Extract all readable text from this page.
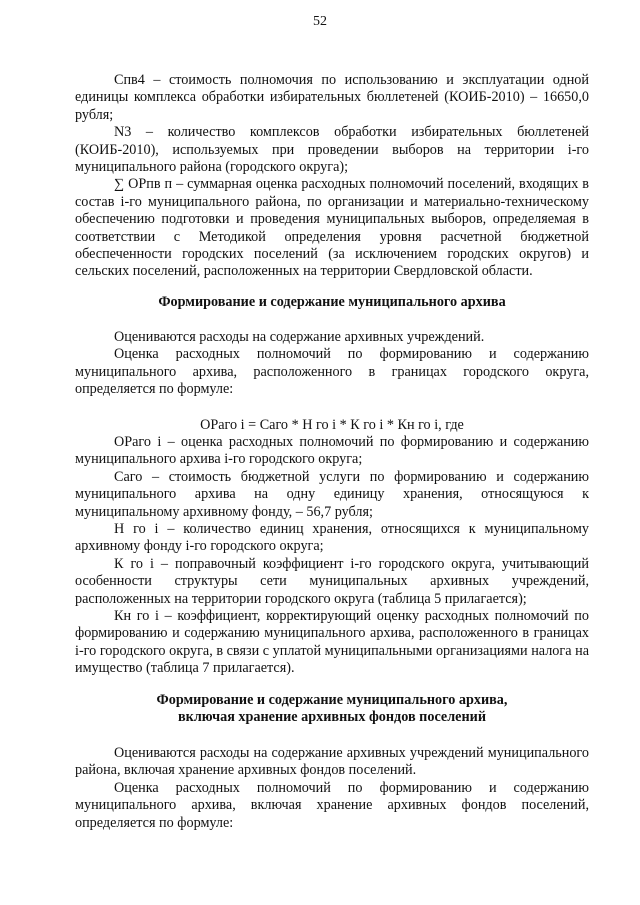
52

Спв4 – стоимость полномочия по использованию и эксплуатации одной единицы комплекса обработки избирательных бюллетеней (КОИБ-2010) – 16650,0 рубля;

N3 – количество комплексов обработки избирательных бюллетеней (КОИБ-2010), используемых при проведении выборов на территории i-го муниципального района (городского округа);

∑ ОРпв п – суммарная оценка расходных полномочий поселений, входящих в состав i-го муниципального района, по организации и материально-техническому обеспечению подготовки и проведения муниципальных выборов, определяемая в соответствии с Методикой определения уровня расчетной бюджетной обеспеченности городских поселений (за исключением городских округов) и сельских поселений, расположенных на территории Свердловской области.

Формирование и содержание муниципального архива

Оцениваются расходы на содержание архивных учреждений.

Оценка расходных полномочий по формированию и содержанию муниципального архива, расположенного в границах городского округа, определяется по формуле:

ОРаго i = Саго * Н го i * К го i * Кн го i, где

ОРаго i – оценка расходных полномочий по формированию и содержанию муниципального архива i-го городского округа;

Саго – стоимость бюджетной услуги по формированию и содержанию муниципального архива на одну единицу хранения, относящуюся к муниципальному архивному фонду, – 56,7 рубля;

Н го i – количество единиц хранения, относящихся к муниципальному архивному фонду i-го городского округа;

К го i – поправочный коэффициент i-го городского округа, учитывающий особенности структуры сети муниципальных архивных учреждений, расположенных на территории городского округа (таблица 5 прилагается);

Кн го i – коэффициент, корректирующий оценку расходных полномочий по формированию и содержанию муниципального архива, расположенного в границах i-го городского округа, в связи с уплатой муниципальными организациями налога на имущество (таблица 7 прилагается).

Формирование и содержание муниципального архива,

включая хранение архивных фондов поселений

Оцениваются расходы на содержание архивных учреждений муниципального района, включая хранение архивных фондов поселений.

Оценка расходных полномочий по формированию и содержанию муниципального архива, включая хранение архивных фондов поселений, определяется по формуле:
